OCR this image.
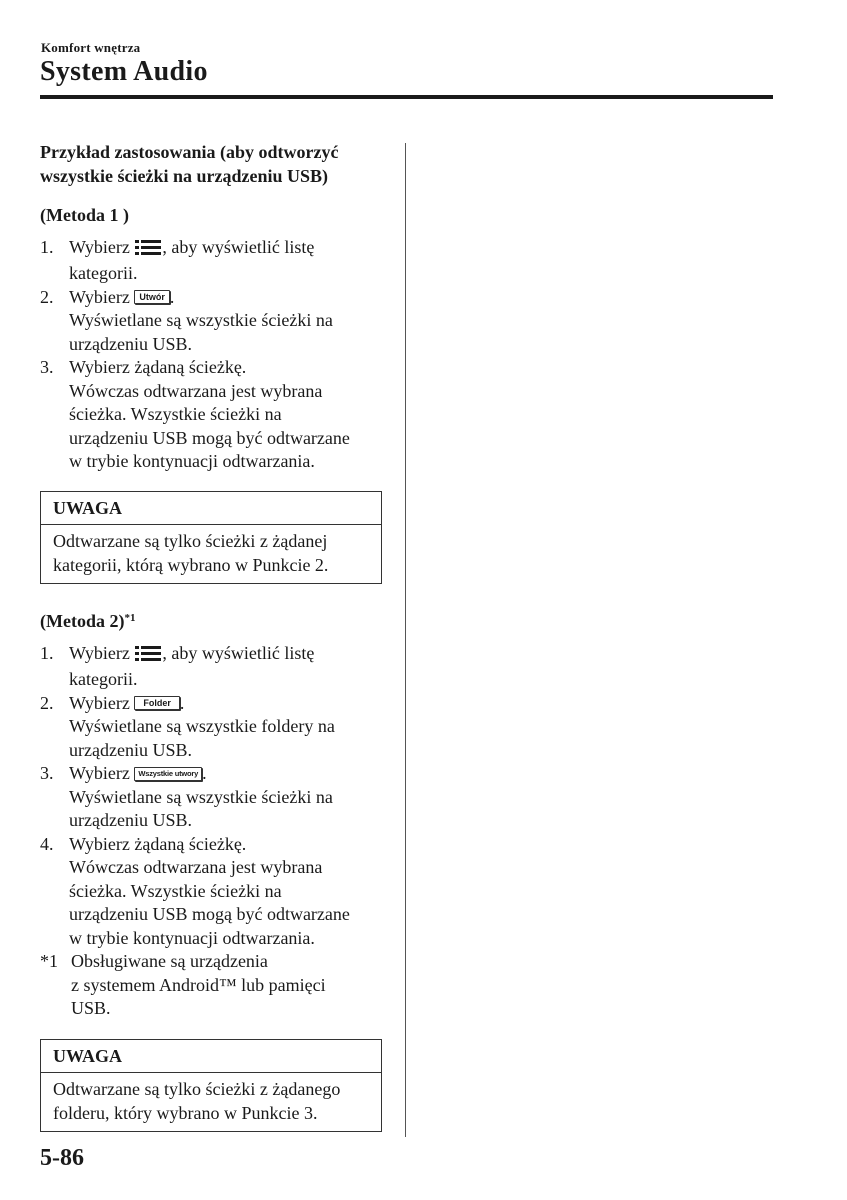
Komfort wnętrza
System Audio

Przykład zastosowania (aby odtworzyć
wszystkie ścieżki na urządzeniu USB)

(Metoda 1 )

1. Wybierz , aby wyświetlić listę
kategorii.
2. Wybierz Utwór .
Wyświetlane są wszystkie ścieżki na
urządzeniu USB.
3. Wybierz żądaną ścieżkę.
Wówczas odtwarzana jest wybrana
ścieżka. Wszystkie ścieżki na
urządzeniu USB mogą być odtwarzane
w trybie kontynuacji odtwarzania.
UWAGA
Odtwarzane są tylko ścieżki z żądanej
kategorii, którą wybrano w Punkcie 2.

(Metoda 2)$^{*1}$

1. Wybierz , aby wyświetlić listę
kategorii.
2. Wybierz Folder .
Wyświetlane są wszystkie foldery na
urządzeniu USB.
3. Wybierz Wszystkie utwory .
Wyświetlane są wszystkie ścieżki na
urządzeniu USB.
4. Wybierz żądaną ścieżkę.
Wówczas odtwarzana jest wybrana
ścieżka. Wszystkie ścieżki na
urządzeniu USB mogą być odtwarzane
w trybie kontynuacji odtwarzania.
*1 Obsługiwane są urządzenia
z systemem Android™ lub pamięci
USB.
UWAGA
Odtwarzane są tylko ścieżki z żądanego
folderu, który wybrano w Punkcie 3.
5-86
